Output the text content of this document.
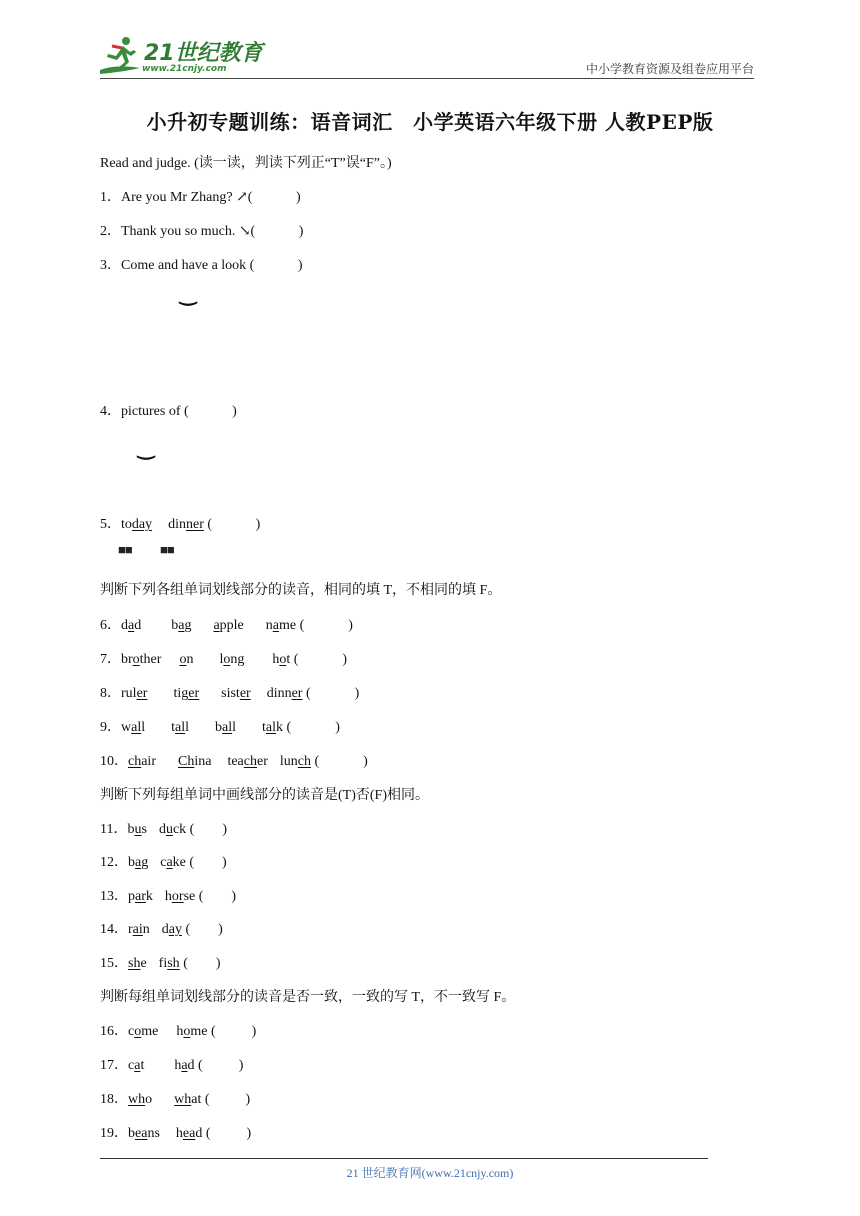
21世纪教育
www.21cnjy.com	中小学教育资源及组卷应用平台
小升初专题训练：语音词汇　小学英语六年级下册 人教PEP版
Read and judge. (读一读，判读下列正“T”误“F”。)
1．Are you Mr Zhang? ↗(	)
2．Thank you so much. ↘(	)
3．Come and have a look (	)
‿
4．pictures of (	)
‿
5．today dinner (	)
■■ ■■
判断下列各组单词划线部分的读音，相同的填 T，不相同的填 F。
6．dad bag apple name (	)
7．brother on long hot (	)
8．ruler tiger sister dinner (	)
9．wall tall ball talk (	)
10．chair China teacher lunch (	)
判断下列每组单词中画线部分的读音是(T)否(F)相同。
11．bus duck ( )
12．bag cake ( )
13．park horse ( )
14．rain day ( )
15．she fish ( )
判断每组单词划线部分的读音是否一致，一致的写 T，不一致写 F。
16．come home (	)
17．cat had (	)
18．who what (	)
19．beans head (	)
21 世纪教育网(www.21cnjy.com)
